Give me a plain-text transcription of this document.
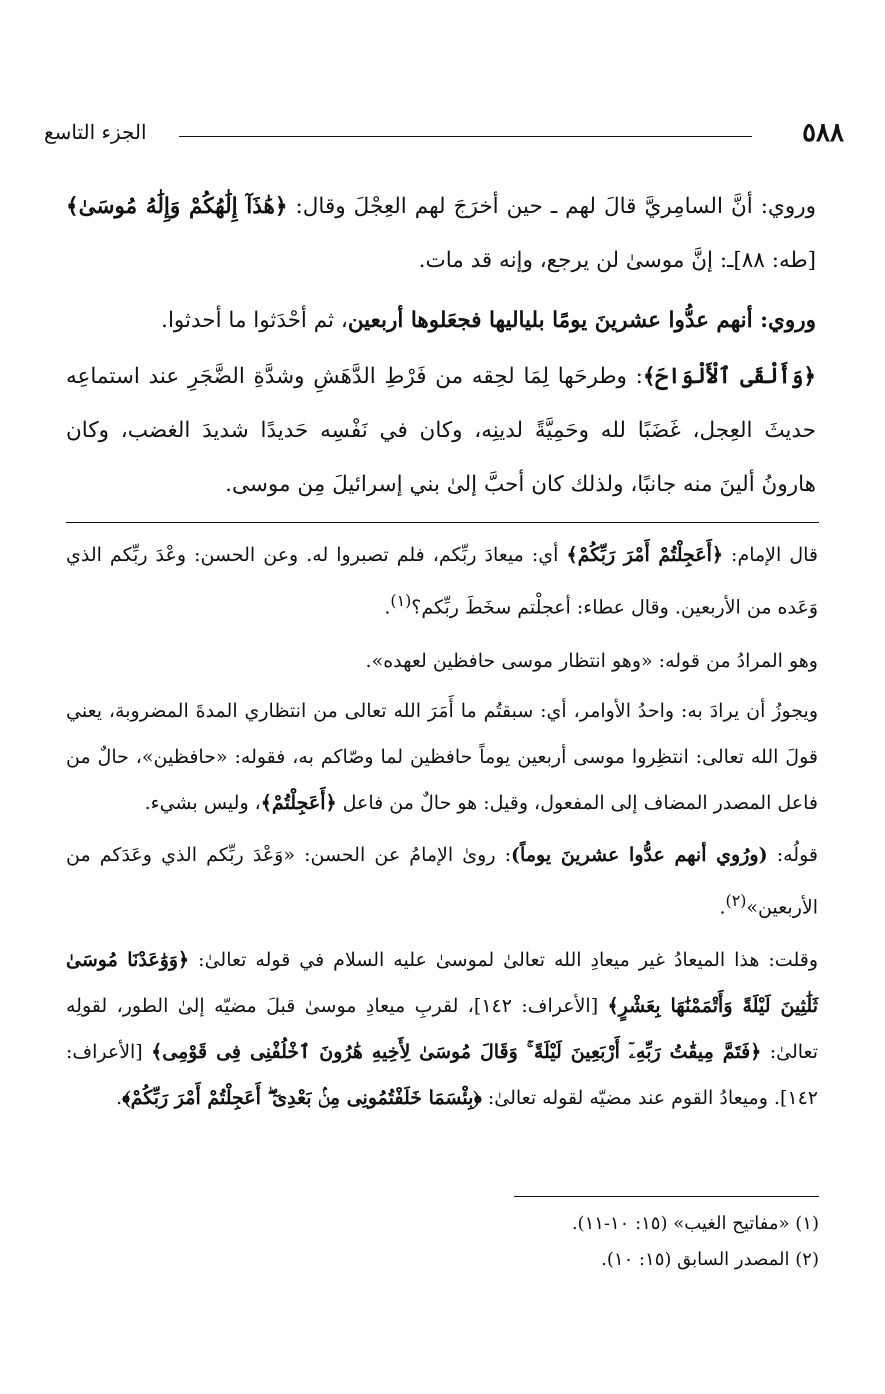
الجزء التاسع	٥٨٨

وروي: أنَّ السامِريَّ قالَ لهم ـ حين أخرَجَ لهم العِجْلَ وقال: ﴿هَٰذَآ إِلَٰهُكُمْ وَإِلَٰهُ مُوسَىٰ﴾ [طه: ٨٨]ـ: إنَّ موسىٰ لن يرجع، وإنه قد مات.

وروي: أنهم عدُّوا عشرينَ يومًا بلياليها فجعَلوها أربعين، ثم أحْدَثوا ما أحدثوا.

﴿وَأَلْقَى ٱلْأَلْوَاحَ﴾: وطرحَها لِمَا لحِقه من فَرْطِ الدَّهَشِ وشدَّةِ الضَّجَرِ عند استماعِه حديثَ العِجل، غَضَبًا لله وحَمِيَّةً لدينِه، وكان في نَفْسِه حَديدًا شديدَ الغضب، وكان هارونُ ألينَ منه جانبًا، ولذلك كان أحبَّ إلىٰ بني إسرائيلَ مِن موسى.

قال الإمام: ﴿أَعَجِلْتُمْ أَمْرَ رَبِّكُمْ﴾ أي: ميعادَ ربِّكم، فلم تصبروا له. وعن الحسن: وعْدَ ربِّكم الذي وَعَده من الأربعين. وقال عطاء: أعجلْتم سخَطَ ربِّكم؟$^{(١)}$.

وهو المرادُ من قوله: «وهو انتظار موسى حافظين لعهده».

ويجوزُ أن يرادَ به: واحدُ الأوامر، أي: سبقتُم ما أَمَرَ الله تعالى من انتظاري المدةَ المضروبة، يعني قولَ الله تعالى: انتظِروا موسى أربعين يوماً حافظين لما وصّاكم به، فقوله: «حافظين»، حالٌ من فاعل المصدر المضاف إلى المفعول، وقيل: هو حالٌ من فاعل ﴿أَعَجِلْتُمْ﴾، وليس بشيء.

قولُه: (ورُوي أنهم عدُّوا عشرينَ يوماً): روىٰ الإمامُ عن الحسن: «وَعْدَ ربِّكم الذي وعَدَكم من الأربعين»$^{(٢)}$.

وقلت: هذا الميعادُ غير ميعادِ الله تعالىٰ لموسىٰ عليه السلام في قوله تعالىٰ: ﴿وَوَٰعَدْنَا مُوسَىٰ ثَلَٰثِينَ لَيْلَةً وَأَتْمَمْنَٰهَا بِعَشْرٍ﴾ [الأعراف: ١٤٢]، لقربِ ميعادِ موسىٰ قبلَ مضيّه إلىٰ الطور، لقولِه تعالىٰ: ﴿فَتَمَّ مِيقَٰتُ رَبِّهِۦٓ أَرْبَعِينَ لَيْلَةً ۚ وَقَالَ مُوسَىٰ لِأَخِيهِ هَٰرُونَ ٱخْلُفْنِى فِى قَوْمِى﴾ [الأعراف: ١٤٢]. وميعادُ القوم عند مضيّه لقوله تعالىٰ: ﴿بِئْسَمَا خَلَفْتُمُونِى مِنۢ بَعْدِىٓ ۖ أَعَجِلْتُمْ أَمْرَ رَبِّكُمْ﴾.

(١) «مفاتيح الغيب» (١٥: ١٠-١١).
(٢) المصدر السابق (١٥: ١٠).
